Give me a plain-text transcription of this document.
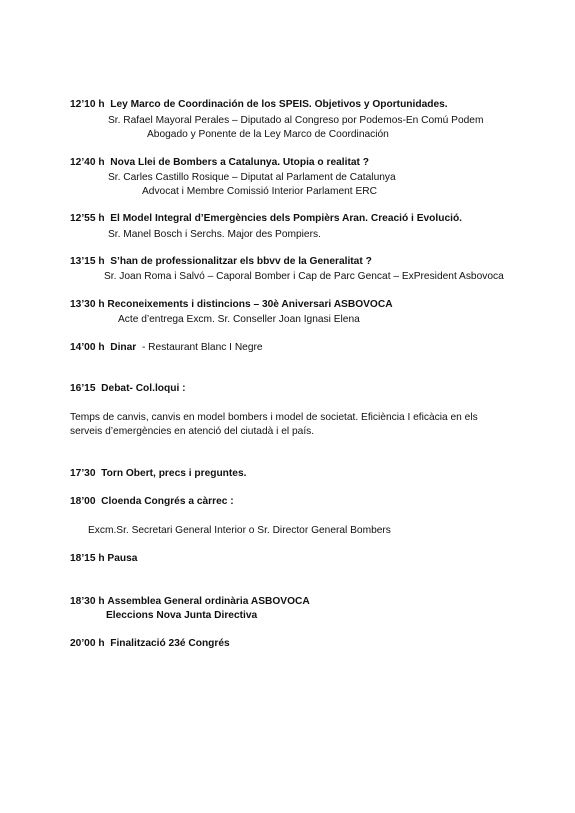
12’10 h Ley Marco de Coordinación de los SPEIS. Objetivos y Oportunidades.
Sr. Rafael Mayoral Perales – Diputado al Congreso por Podemos-En Comú Podem
Abogado y Ponente de la Ley Marco de Coordinación
12’40 h Nova Llei de Bombers a Catalunya. Utopia o realitat ?
Sr. Carles Castillo Rosique – Diputat al Parlament de Catalunya
Advocat i Membre Comissió Interior Parlament ERC
12’55 h El Model Integral d’Emergències dels Pompièrs Aran. Creació i Evolució.
Sr. Manel Bosch i Serchs. Major des Pompiers.
13’15 h S’han de professionalitzar els bbvv de la Generalitat ?
Sr. Joan Roma i Salvó – Caporal Bomber i Cap de Parc Gencat – ExPresident Asbovoca
13’30 h Reconeixements i distincions – 30è Aniversari ASBOVOCA
Acte d’entrega Excm. Sr. Conseller Joan Ignasi Elena
14’00 h Dinar - Restaurant Blanc I Negre
16’15 Debat- Col.loqui :
Temps de canvis, canvis en model bombers i model de societat. Eficiència I eficàcia en els
serveis d’emergències en atenció del ciutadà i el país.
17’30 Torn Obert, precs i preguntes.
18’00 Cloenda Congrés a càrrec :
Excm.Sr. Secretari General Interior o Sr. Director General Bombers
18’15 h Pausa
18’30 h Assemblea General ordinària ASBOVOCA
Eleccions Nova Junta Directiva
20’00 h Finalització 23é Congrés
